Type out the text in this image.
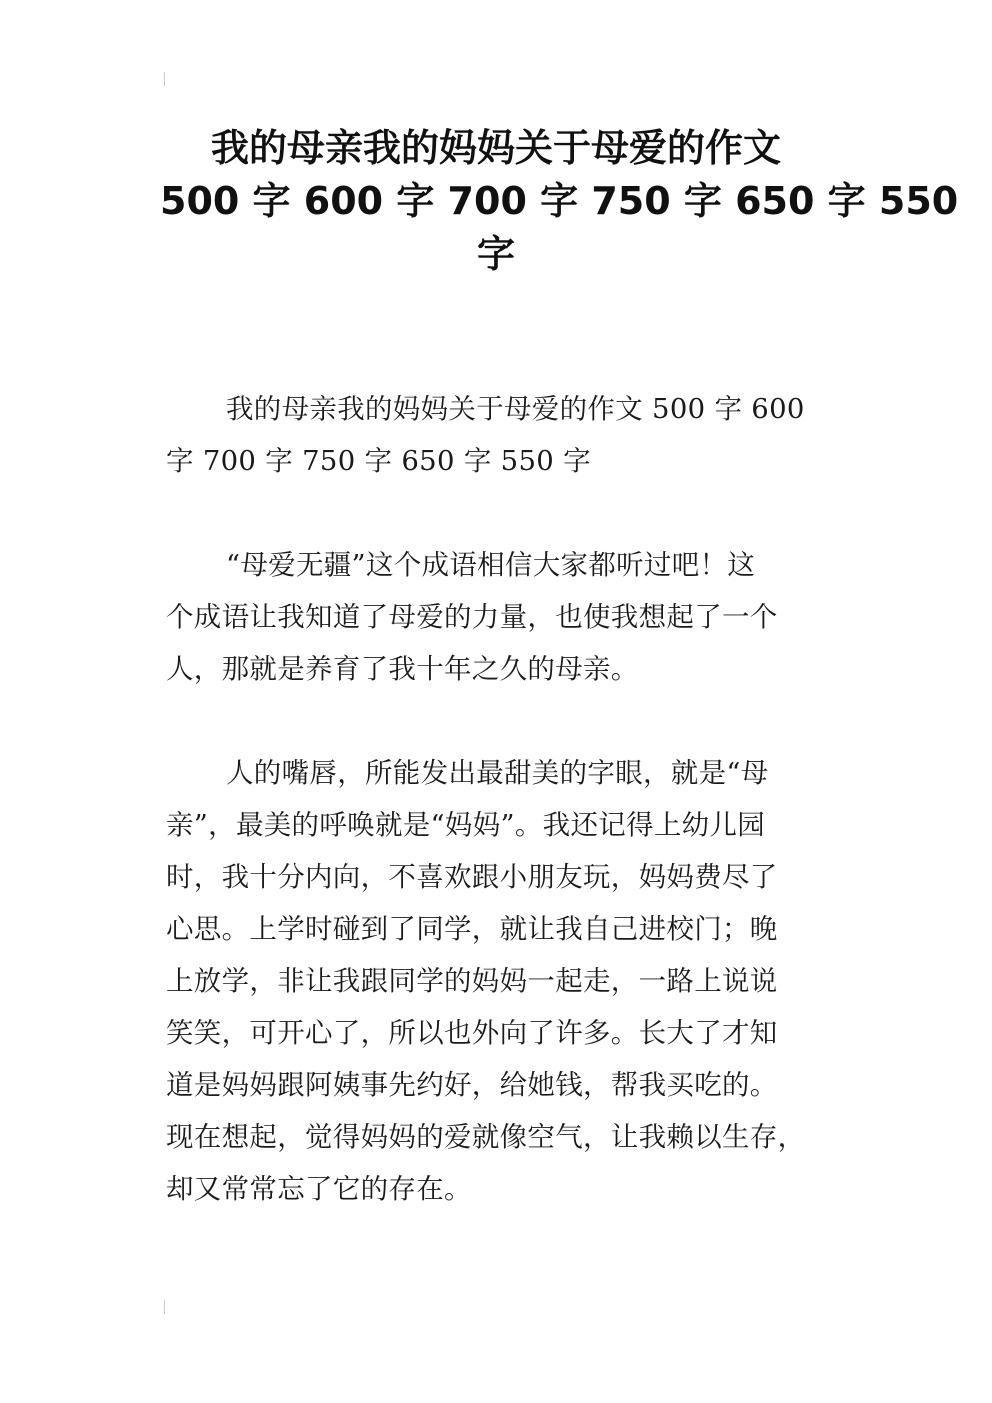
我的母亲我的妈妈关于母爱的作文
500 字 600 字 700 字 750 字 650 字 550
字

我的母亲我的妈妈关于母爱的作文 500 字 600
字 700 字 750 字 650 字 550 字

“母爱无疆”这个成语相信大家都听过吧！这
个成语让我知道了母爱的力量，也使我想起了一个
人，那就是养育了我十年之久的母亲。

人的嘴唇，所能发出最甜美的字眼，就是“母
亲”，最美的呼唤就是“妈妈”。我还记得上幼儿园
时，我十分内向，不喜欢跟小朋友玩，妈妈费尽了
心思。上学时碰到了同学，就让我自己进校门；晚
上放学，非让我跟同学的妈妈一起走，一路上说说
笑笑，可开心了，所以也外向了许多。长大了才知
道是妈妈跟阿姨事先约好，给她钱，帮我买吃的。
现在想起，觉得妈妈的爱就像空气，让我赖以生存，
却又常常忘了它的存在。
